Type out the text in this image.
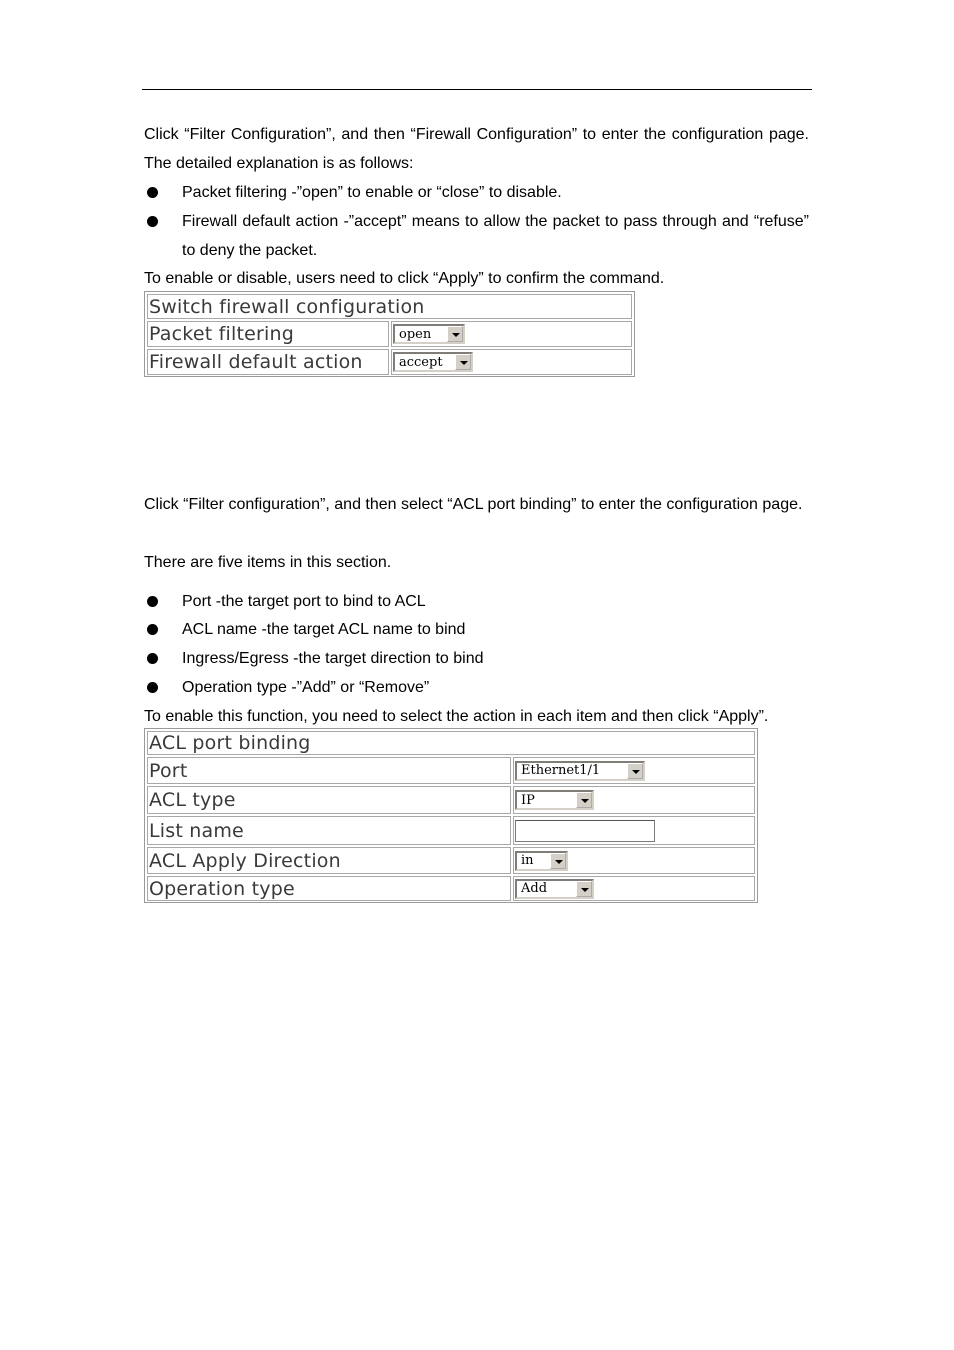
Click “Filter Configuration”, and then “Firewall Configuration” to enter the configuration page. The detailed explanation is as follows:

Packet filtering -”open” to enable or “close” to disable.
Firewall default action -”accept” means to allow the packet to pass through and “refuse” to deny the packet.

To enable or disable, users need to click “Apply” to confirm the command.

Switch firewall configuration
Packet filtering	open
Firewall default action	accept

Click “Filter configuration”, and then select “ACL port binding” to enter the configuration page.

There are five items in this section.

Port -the target port to bind to ACL
ACL name -the target ACL name to bind
Ingress/Egress -the target direction to bind
Operation type -”Add” or “Remove”

To enable this function, you need to select the action in each item and then click “Apply”.

ACL port binding
Port	Ethernet1/1
ACL type	IP
List name
ACL Apply Direction	in
Operation type	Add
